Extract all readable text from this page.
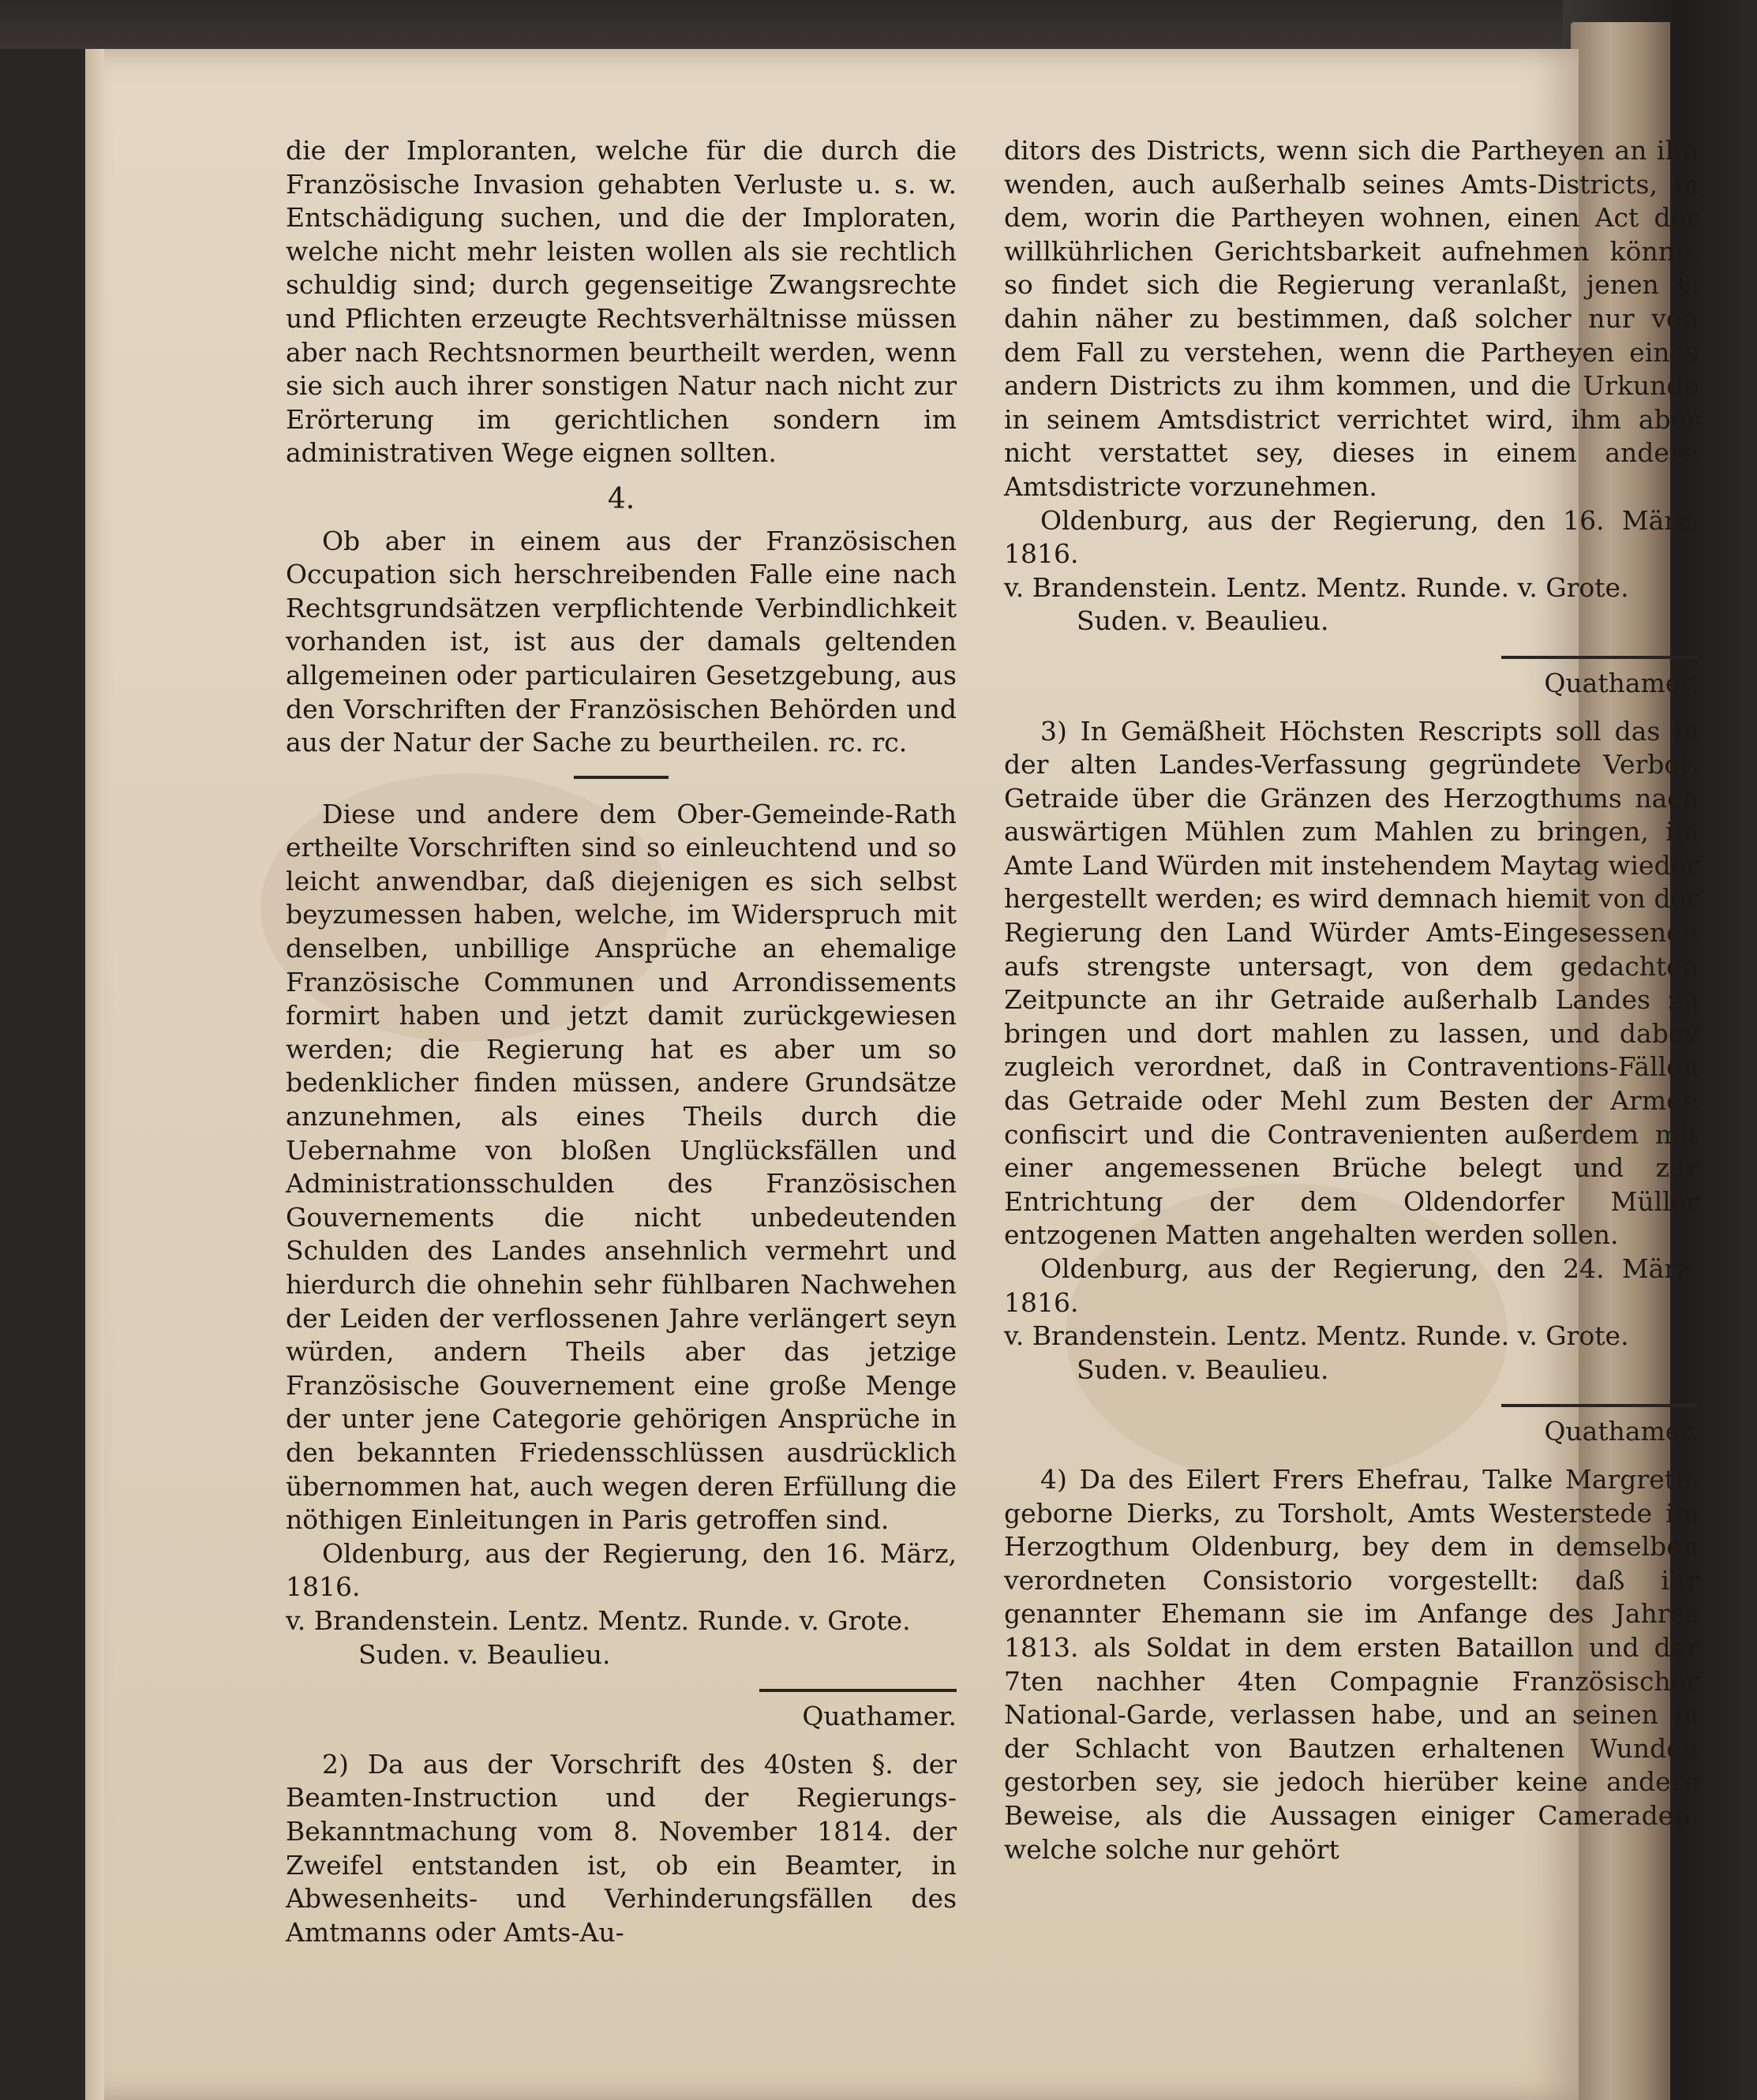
die der Imploranten, welche für die durch die Französische Invasion gehabten Verluste u. s. w. Entschädigung suchen, und die der Imploraten, welche nicht mehr leisten wollen als sie rechtlich schuldig sind; durch gegenseitige Zwangsrechte und Pflichten erzeugte Rechtsverhältnisse müssen aber nach Rechtsnormen beurtheilt werden, wenn sie sich auch ihrer sonstigen Natur nach nicht zur Erörterung im gerichtlichen sondern im administrativen Wege eignen sollten.

4.

Ob aber in einem aus der Französischen Occupation sich herschreibenden Falle eine nach Rechtsgrundsätzen verpflichtende Verbindlichkeit vorhanden ist, ist aus der damals geltenden allgemeinen oder particulairen Gesetzgebung, aus den Vorschriften der Französischen Behörden und aus der Natur der Sache zu beurtheilen. rc. rc.

Diese und andere dem Ober-Gemeinde-Rath ertheilte Vorschriften sind so einleuchtend und so leicht anwendbar, daß diejenigen es sich selbst beyzumessen haben, welche, im Widerspruch mit denselben, unbillige Ansprüche an ehemalige Französische Communen und Arrondissements formirt haben und jetzt damit zurückgewiesen werden; die Regierung hat es aber um so bedenklicher finden müssen, andere Grundsätze anzunehmen, als eines Theils durch die Uebernahme von bloßen Unglücksfällen und Administrationsschulden des Französischen Gouvernements die nicht unbedeutenden Schulden des Landes ansehnlich vermehrt und hierdurch die ohnehin sehr fühlbaren Nachwehen der Leiden der verflossenen Jahre verlängert seyn würden, andern Theils aber das jetzige Französische Gouvernement eine große Menge der unter jene Categorie gehörigen Ansprüche in den bekannten Friedensschlüssen ausdrücklich übernommen hat, auch wegen deren Erfüllung die nöthigen Einleitungen in Paris getroffen sind.

Oldenburg, aus der Regierung, den 16. März, 1816.

v. Brandenstein. Lentz. Mentz. Runde. v. Grote.

Suden. v. Beaulieu.

Quathamer.

2) Da aus der Vorschrift des 40sten §. der Beamten-Instruction und der Regierungs-Bekanntmachung vom 8. November 1814. der Zweifel entstanden ist, ob ein Beamter, in Abwesenheits- und Verhinderungsfällen des Amtmanns oder Amts-Au-

ditors des Districts, wenn sich die Partheyen an ihn wenden, auch außerhalb seines Amts-Districts, in dem, worin die Partheyen wohnen, einen Act der willkührlichen Gerichtsbarkeit aufnehmen könne, so findet sich die Regierung veranlaßt, jenen §. dahin näher zu bestimmen, daß solcher nur von dem Fall zu verstehen, wenn die Partheyen eines andern Districts zu ihm kommen, und die Urkunde in seinem Amtsdistrict verrichtet wird, ihm aber nicht verstattet sey, dieses in einem andern Amtsdistricte vorzunehmen.

Oldenburg, aus der Regierung, den 16. März, 1816.

v. Brandenstein. Lentz. Mentz. Runde. v. Grote.

Suden. v. Beaulieu.

Quathamer.

3) In Gemäßheit Höchsten Rescripts soll das in der alten Landes-Verfassung gegründete Verbot, Getraide über die Gränzen des Herzogthums nach auswärtigen Mühlen zum Mahlen zu bringen, im Amte Land Würden mit instehendem Maytag wieder hergestellt werden; es wird demnach hiemit von der Regierung den Land Würder Amts-Eingesessenen aufs strengste untersagt, von dem gedachten Zeitpuncte an ihr Getraide außerhalb Landes zu bringen und dort mahlen zu lassen, und dabey zugleich verordnet, daß in Contraventions-Fällen das Getraide oder Mehl zum Besten der Armen confiscirt und die Contravenienten außerdem mit einer angemessenen Brüche belegt und zur Entrichtung der dem Oldendorfer Müller entzogenen Matten angehalten werden sollen.

Oldenburg, aus der Regierung, den 24. März, 1816.

v. Brandenstein. Lentz. Mentz. Runde. v. Grote.

Suden. v. Beaulieu.

Quathamer.

4) Da des Eilert Frers Ehefrau, Talke Margrete, geborne Dierks, zu Torsholt, Amts Westerstede im Herzogthum Oldenburg, bey dem in demselben verordneten Consistorio vorgestellt: daß ihr genannter Ehemann sie im Anfange des Jahres 1813. als Soldat in dem ersten Bataillon und der 7ten nachher 4ten Compagnie Französischer National-Garde, verlassen habe, und an seinen in der Schlacht von Bautzen erhaltenen Wunden gestorben sey, sie jedoch hierüber keine andere Beweise, als die Aussagen einiger Cameraden, welche solche nur gehört
